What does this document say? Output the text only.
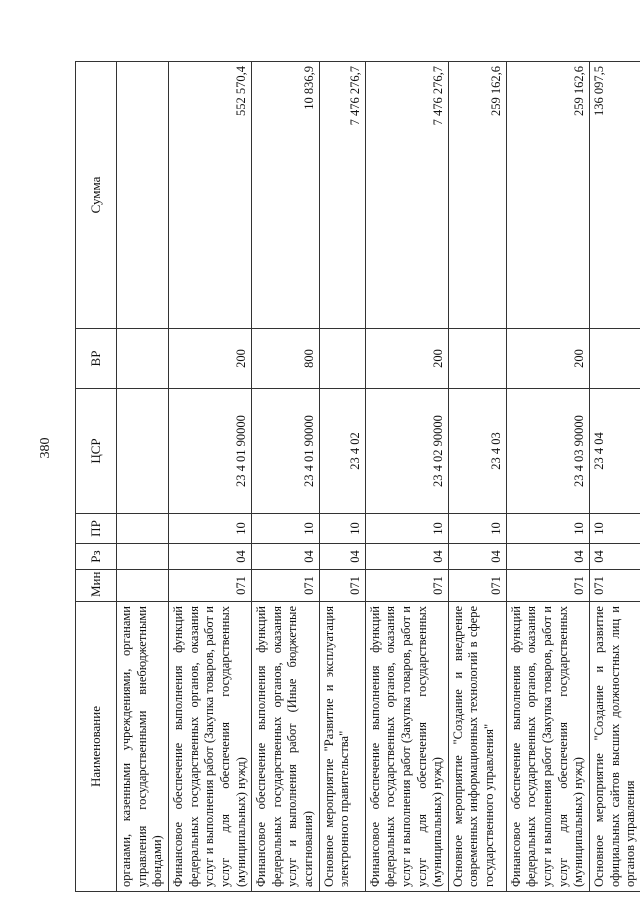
380
Наименование	Мин	Рз	ПР	ЦСР	ВР	Сумма
органами, казенными учреждениями, органами управления государственными внебюджетными фондами)						
Финансовое обеспечение выполнения функций федеральных государственных органов, оказания услуг и выполнения работ (Закупка товаров, работ и услуг для обеспечения государственных (муниципальных) нужд)	071	04	10	23 4 01 90000	200	552 570,4
Финансовое обеспечение выполнения функций федеральных государственных органов, оказания услуг и выполнения работ (Иные бюджетные ассигнования)	071	04	10	23 4 01 90000	800	10 836,9
Основное мероприятие "Развитие и эксплуатация электронного правительства"	071	04	10	23 4 02		7 476 276,7
Финансовое обеспечение выполнения функций федеральных государственных органов, оказания услуг и выполнения работ (Закупка товаров, работ и услуг для обеспечения государственных (муниципальных) нужд)	071	04	10	23 4 02 90000	200	7 476 276,7
Основное мероприятие "Создание и внедрение современных информационных технологий в сфере государственного управления"	071	04	10	23 4 03		259 162,6
Финансовое обеспечение выполнения функций федеральных государственных органов, оказания услуг и выполнения работ (Закупка товаров, работ и услуг для обеспечения государственных (муниципальных) нужд)	071	04	10	23 4 03 90000	200	259 162,6
Основное мероприятие "Создание и развитие официальных сайтов высших должностных лиц и органов управления	071	04	10	23 4 04		136 097,5
